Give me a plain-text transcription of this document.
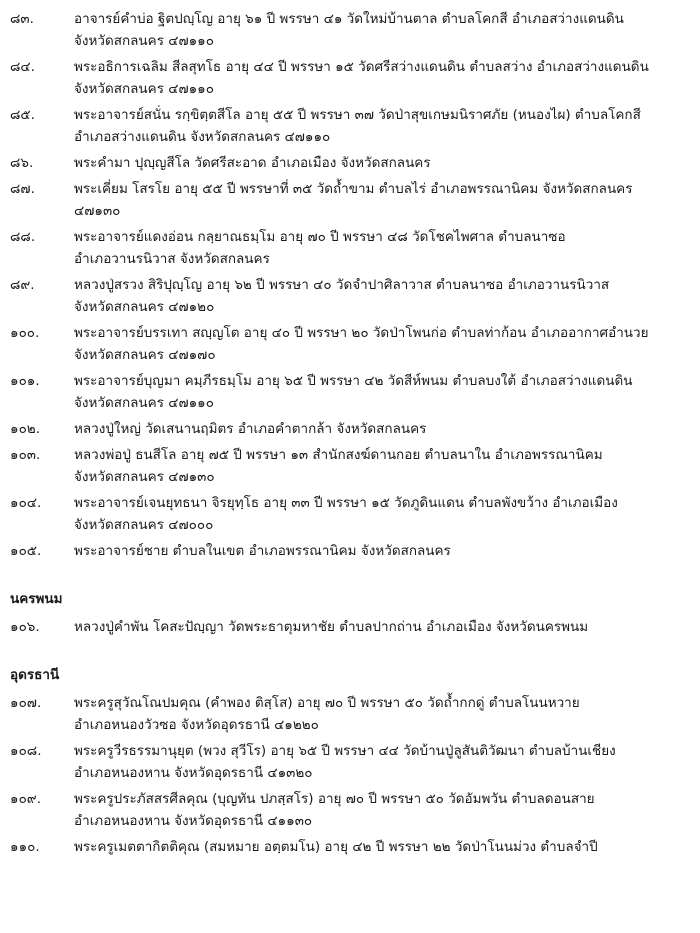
๘๓.	อาจารย์คำบ่อ ฐิตปญฺโญ อายุ ๖๑ ปี พรรษา ๔๑ วัดใหม่บ้านตาล ตำบลโคกสี อำเภอสว่างแดนดิน
จังหวัดสกลนคร ๔๗๑๑๐
๘๔.	พระอธิการเฉลิม สีลสุทโธ อายุ ๔๔ ปี พรรษา ๑๕ วัดศรีสว่างแดนดิน ตำบลสว่าง อำเภอสว่างแดนดิน
จังหวัดสกลนคร ๔๗๑๑๐
๘๕.	พระอาจารย์สนั่น รกฺขิตฺตสีโล อายุ ๕๕ ปี พรรษา ๓๗ วัดป่าสุขเกษมนิราศภัย (หนองไผ) ตำบลโคกสี
อำเภอสว่างแดนดิน จังหวัดสกลนคร ๔๗๑๑๐
๘๖.	พระคำมา ปุญฺญสีโล วัดศรีสะอาด อำเภอเมือง จังหวัดสกลนคร
๘๗.	พระเคี่ยม โสรโย อายุ ๕๕ ปี พรรษาที่ ๓๕ วัดถ้ำขาม ตำบลไร่ อำเภอพรรณานิคม จังหวัดสกลนคร
๔๗๑๓๐
๘๘.	พระอาจารย์แดงอ่อน กลฺยาณธมฺโม อายุ ๗๐ ปี พรรษา ๔๘ วัดโชคไพศาล ตำบลนาซอ
อำเภอวานรนิวาส จังหวัดสกลนคร
๘๙.	หลวงปู่สรวง สิริปุญฺโญ อายุ ๖๒ ปี พรรษา ๔๐ วัดจำปาศิลาวาส ตำบลนาซอ อำเภอวานรนิวาส
จังหวัดสกลนคร ๔๗๑๒๐
๑๐๐.	พระอาจารย์บรรเทา สญฺญโต อายุ ๔๐ ปี พรรษา ๒๐ วัดป่าโพนก่อ ตำบลท่าก้อน อำเภออากาศอำนวย
จังหวัดสกลนคร ๔๗๑๗๐
๑๐๑.	พระอาจารย์บุญมา คมฺภีรธมฺโม อายุ ๖๕ ปี พรรษา ๔๒ วัดสีห์พนม ตำบลบงใต้ อำเภอสว่างแดนดิน
จังหวัดสกลนคร ๔๗๑๑๐
๑๐๒.	หลวงปู่ใหญ่ วัดเสนานฤมิตร อำเภอคำตากล้า จังหวัดสกลนคร
๑๐๓.	หลวงพ่อปู่ ธนสีโล อายุ ๗๕ ปี พรรษา ๑๓ สำนักสงฆ์ดานกอย ตำบลนาใน อำเภอพรรณานิคม
จังหวัดสกลนคร ๔๗๑๓๐
๑๐๔.	พระอาจารย์เจนยุทธนา จิรยุทฺโธ อายุ ๓๓ ปี พรรษา ๑๕ วัดภูดินแดน ตำบลพังขว้าง อำเภอเมือง
จังหวัดสกลนคร ๔๗๐๐๐
๑๐๕.	พระอาจารย์ชาย ตำบลในเขต อำเภอพรรณานิคม จังหวัดสกลนคร
นครพนม
๑๐๖.	หลวงปู่คำพัน โคสะปัญฺญา วัดพระธาตุมหาชัย ตำบลปากถ่าน อำเภอเมือง จังหวัดนครพนม
อุดรธานี
๑๐๗.	พระครูสุวัณโณปมคุณ (คำพอง ติสฺโส) อายุ ๗๐ ปี พรรษา ๕๐ วัดถ้ำกกดู่ ตำบลโนนหวาย
อำเภอหนองวัวซอ จังหวัดอุดรธานี ๔๑๒๒๐
๑๐๘.	พระครูวีรธรรมานุยุต (พวง สุวีโร) อายุ ๖๕ ปี พรรษา ๔๔ วัดบ้านปู่ลูสันติวัฒนา ตำบลบ้านเชียง
อำเภอหนองหาน จังหวัดอุดรธานี ๔๑๓๒๐
๑๐๙.	พระครูประภัสสรศีลคุณ (บุญทัน ปภสฺสโร) อายุ ๗๐ ปี พรรษา ๕๐ วัดอัมพวัน ตำบลดอนสาย
อำเภอหนองหาน จังหวัดอุดรธานี ๔๑๑๓๐
๑๑๐.	พระครูเมตตากิตติคุณ (สมหมาย อตฺตมโน) อายุ ๔๒ ปี พรรษา ๒๒ วัดป่าโนนม่วง ตำบลจำปี
